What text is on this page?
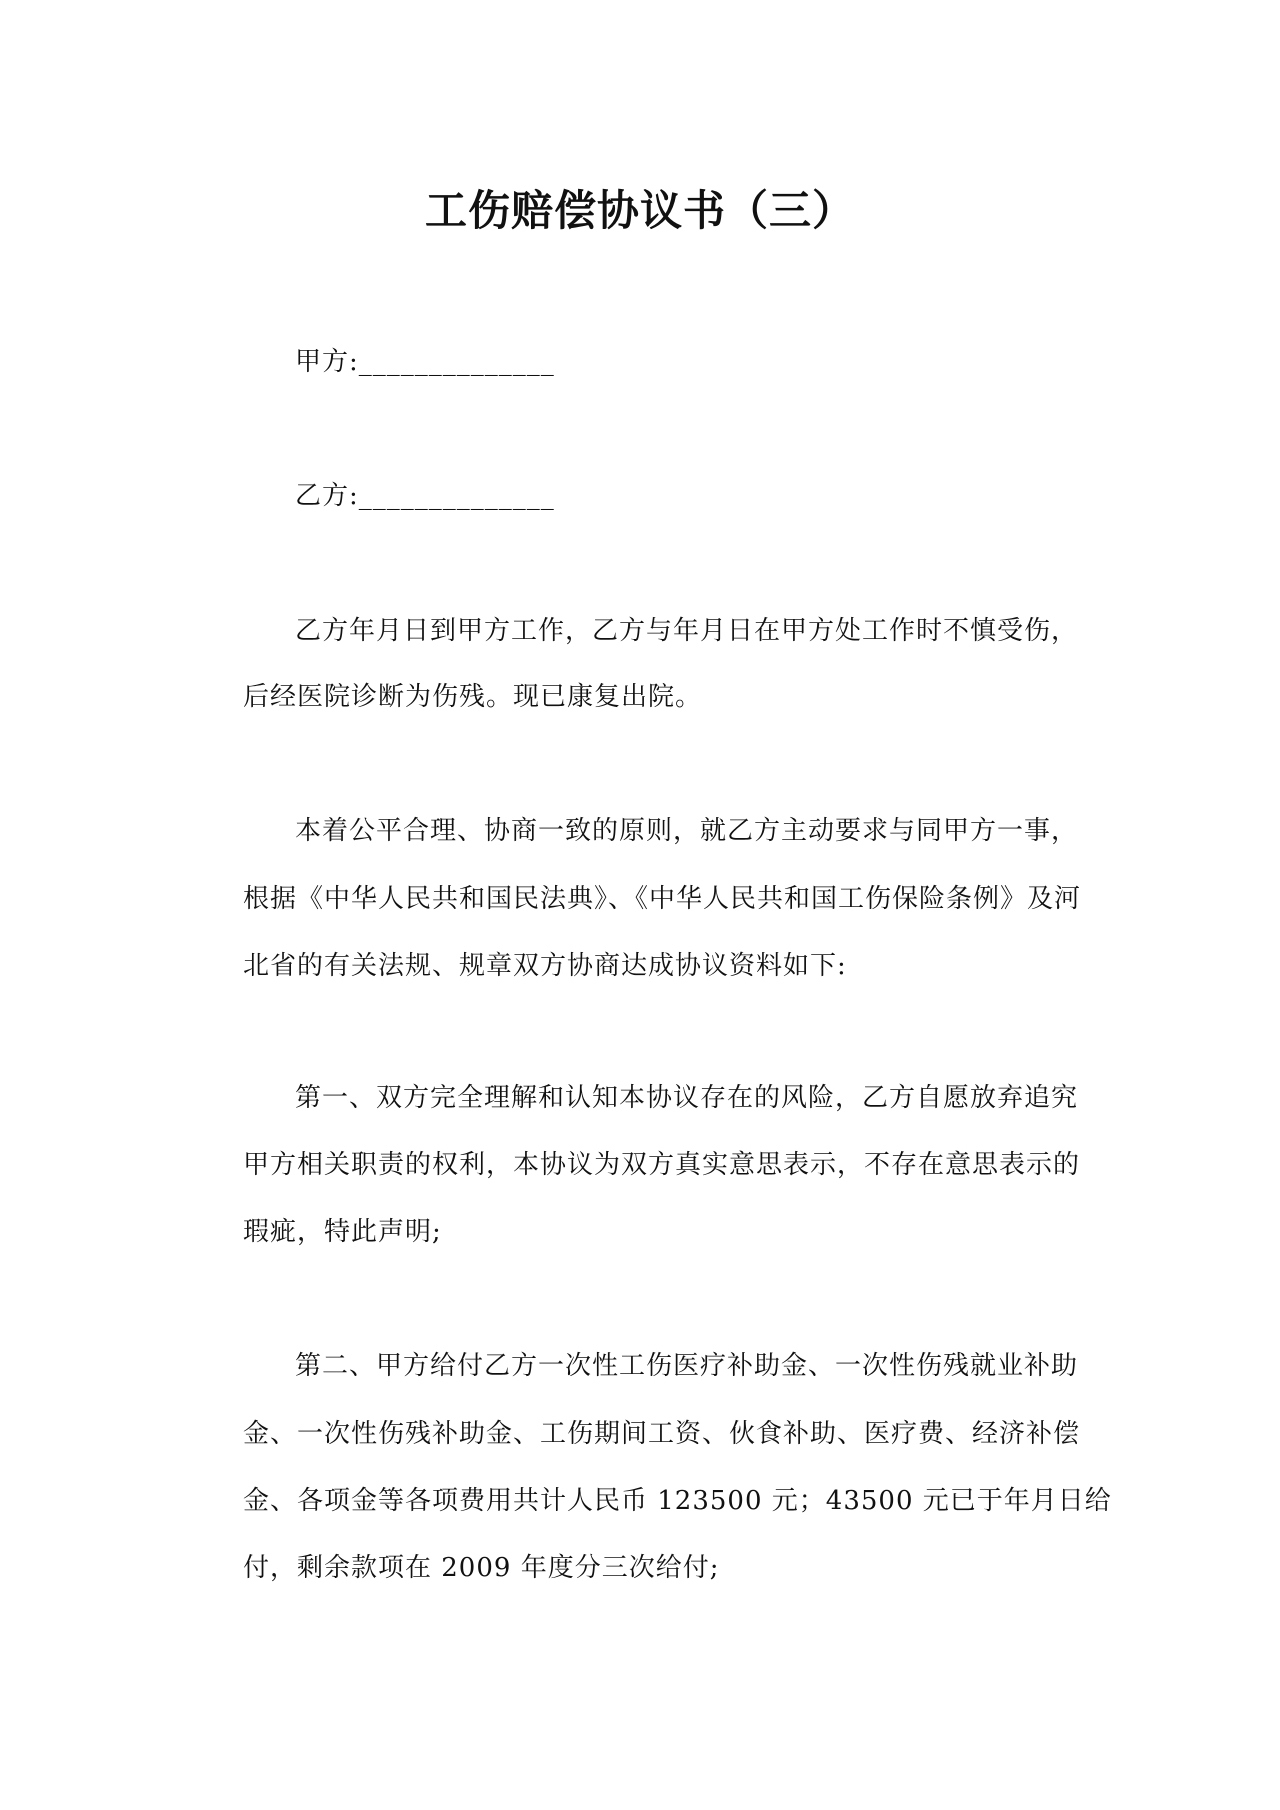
工伤赔偿协议书（三）
甲方:______________
乙方:______________
乙方年月日到甲方工作，乙方与年月日在甲方处工作时不慎受伤，
后经医院诊断为伤残。现已康复出院。
本着公平合理、协商一致的原则，就乙方主动要求与同甲方一事，
根据《中华人民共和国民法典》、《中华人民共和国工伤保险条例》及河
北省的有关法规、规章双方协商达成协议资料如下:
第一、双方完全理解和认知本协议存在的风险，乙方自愿放弃追究
甲方相关职责的权利，本协议为双方真实意思表示，不存在意思表示的
瑕疵，特此声明;
第二、甲方给付乙方一次性工伤医疗补助金、一次性伤残就业补助
金、一次性伤残补助金、工伤期间工资、伙食补助、医疗费、经济补偿
金、各项金等各项费用共计人民币 123500 元；43500 元已于年月日给
付，剩余款项在 2009 年度分三次给付;
